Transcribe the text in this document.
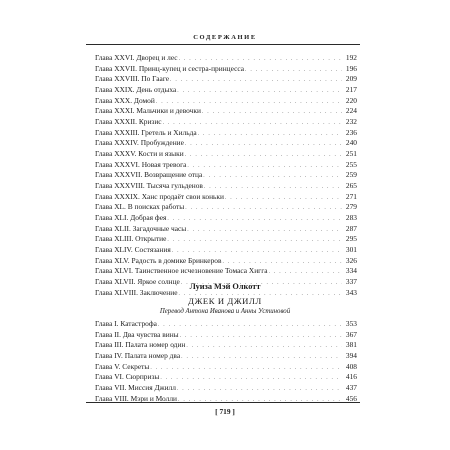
СОДЕРЖАНИЕ
Глава XXVI. Дворец и лес . . .	192
Глава XXVII. Принц-купец и сестра-принцесса . . .	196
Глава XXVIII. По Гааге . . .	209
Глава XXIX. День отдыха . . .	217
Глава XXX. Домой . . .	220
Глава XXXI. Мальчики и девочки . . .	224
Глава XXXII. Кризис . . .	232
Глава XXXIII. Гретель и Хильда . . .	236
Глава XXXIV. Пробуждение . . .	240
Глава XXXV. Кости и языки . . .	251
Глава XXXVI. Новая тревога . . .	255
Глава XXXVII. Возвращение отца . . .	259
Глава XXXVIII. Тысяча гульденов . . .	265
Глава XXXIX. Ханс продаёт свои коньки . . .	271
Глава XL. В поисках работы . . .	279
Глава XLI. Добрая фея . . .	283
Глава XLII. Загадочные часы . . .	287
Глава XLIII. Открытие . . .	295
Глава XLIV. Состязания . . .	301
Глава XLV. Радость в домике Бринкеров . . .	326
Глава XLVI. Таинственное исчезновение Томаса Хигга . . .	334
Глава XLVII. Яркое солнце . . .	337
Глава XLVIII. Заключение . . .	343
Луиза Мэй Олкотт
ДЖЕК И ДЖИЛЛ
Перевод Антона Иванова и Анны Устиновой
Глава I. Катастрофа . . .	353
Глава II. Два чувства вины . . .	367
Глава III. Палата номер один . . .	381
Глава IV. Палата номер два . . .	394
Глава V. Секреты . . .	408
Глава VI. Сюрпризы . . .	416
Глава VII. Миссия Джилл . . .	437
Глава VIII. Мэри и Молли . . .	456
[ 719 ]
